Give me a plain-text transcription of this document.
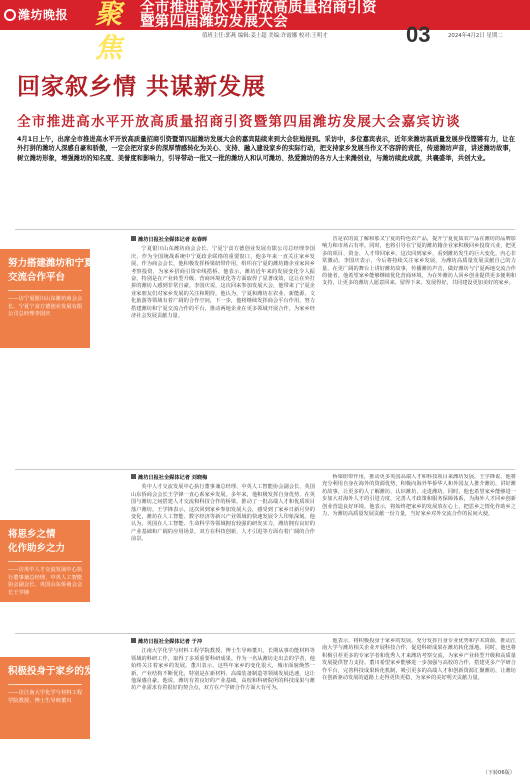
潍坊晚报 聚焦
全市推进高水平开放高质量招商引资
暨第四届潍坊发展大会
值班主任:郭燕 编辑:姜士超 美编:许霞娜 校对:王明才	03	2024年4月2日 星期二
回家叙乡情 共谋新发展
全市推进高水平开放高质量招商引资暨第四届潍坊发展大会嘉宾访谈
4月1日上午，出席全市推进高水平开放高质量招商引资暨第四届潍坊发展大会的嘉宾陆续来到大会驻地报到。采访中，多位嘉宾表示，近年来潍坊高质量发展步伐铿锵有力，让在外打拼的潍坊人深感自豪和骄傲，一定会把对家乡的深厚情感转化为关心、支持、融入建设家乡的实际行动，把支持家乡发展当作义不容辞的责任，传递潍坊声音，讲述潍坊故事，树立潍坊形象，增强潍坊的知名度、美誉度和影响力，引导带动一批又一批的潍坊人和认可潍坊、热爱潍坊的各方人士来潍创业，与潍坊续此成就，共襄盛举，共创大业。
努力搭建潍坊和宁夏
交流合作平台
——访宁夏银川山东潍坊商会会长、宁夏宁食方德创业发展有限公司总经理李国庆

潍坊日报社全媒体记者 赵春晖

宁夏银川山东潍坊商会会长、宁夏宁食方德创业发展有限公司总经理李国庆，作为全国统战系统中宁夏政企联络的重要窗口，他多年来一直关注家乡发展，作为商会会长，他积极发挥桥梁纽带作用，组织在宁夏的潍坊籍企业家回乡考察投资，为家乡招商引资牵线搭桥。他表示，潍坊近年来的发展变化令人振奋，特别是在产业转型升级、营商环境优化等方面取得了显著成效，这让在外打拼的潍坊人感到非常自豪。李国庆说，这次回来参加发展大会，他带来了宁夏企业家朋友们对家乡发展的关注和期待。他认为，宁夏和潍坊在农业、新能源、文化旅游等领域有着广阔的合作空间，下一步，他将继续发挥商会平台作用，努力搭建潍坊和宁夏交流合作的平台，推动两地企业在更多领域开展合作，为家乡经济社会发展贡献力量。

晋是农的流了解和那又宁夏的特色农产品，提升宁夏优质农产品在潍坊的品牌影响力和市场占有率。同时，也将引导在宁夏的潍坊籍企业家积极回乡投资兴业，把更多的项目、资金、人才带回家乡。这次回到家乡，看到潍坊发生的巨大变化，内心非常激动。李国庆表示，今后将持续关注家乡发展，为潍坊高质量发展贡献自己的力量，在更广阔的舞台上讲好潍坊故事，传播潍坊声音，做好潍坊与宁夏两地交流合作的使者。他希望家乡能够继续优化营商环境，为在外潍坊人回乡创业提供更多便利和支持，让更多的潍坊人愿意回来、留得下来、发展得好，共同建设更加美好的家乡。

将思乡之情
化作助乡之力
——访英中人才交流发展中心执行董事兼总经理、中英人工智能协会副会长、英国山东侨商会会长王学锋

潍坊日报社全媒体记者 刘晓梅

英中人才交流发展中心执行董事兼总经理、中英人工智能协会副会长、英国山东侨商会会长王学锋一直心系家乡发展。多年来，他积极发挥自身优势，在英国与潍坊之间搭建人才交流和科技合作的桥梁，推动了一批高端人才和优质项目落户潍坊。王学锋表示，这次回到家乡参加发展大会，感受到了家乡日新月异的变化，潍坊在人工智能、数字经济等新兴产业领域的快速发展令人印象深刻。他认为，英国在人工智能、生命科学等领域拥有较强的研发实力，潍坊拥有良好的产业基础和广阔的应用场景，双方在科技创新、人才引进等方面有着广阔的合作前景。

桥梁纽带作用，推动更多英国高端人才和科技项目来潍坊发展。王学锋说，他将充分利用自身在海外的资源优势，积极向海外华侨华人和外国友人推介潍坊，讲好潍坊故事，让更多的人了解潍坊、认识潍坊、走进潍坊。同时，他也希望家乡能够进一步加大对海外人才的引进力度，完善人才政策和服务保障体系，为海外人才回乡创新创业营造良好环境。他表示，将始终把家乡的发展放在心上，把思乡之情化作助乡之力，为潍坊高质量发展贡献一份力量，当好家乡对外交流合作的民间大使。

积极投身于家乡的发展
——访江南大学化学与材料工程学院教授、博士生导师董川

潍坊日报社全媒体记者 于冲

江南大学化学与材料工程学院教授、博士生导师董川，长期从事功能材料等领域的科研工作，取得了多项重要科研成果。作为一名从潍坊走出去的学者，他始终关注着家乡的发展。董川表示，这些年家乡的变化很大，城市面貌焕然一新，产业结构不断优化，特别是在新材料、高端装备制造等领域发展迅速，这让他深感自豪。他说，潍坊有着良好的产业基础，高校和科研院所的科技成果与潍坊产业需求有着很好的契合点，双方在产学研合作方面大有可为。

他表示，将积极投身于家乡的发展，充分发挥自身专业优势和学术资源，推动江南大学与潍坊相关企业开展科技合作，促进科研成果在潍坊转化落地。同时，他也将积极引荐更多的专家学者和优秀人才来潍坊考察交流，为家乡产业转型升级和高质量发展提供智力支持。董川希望家乡能够进一步加强与高校的合作，搭建更多产学研合作平台，完善科技成果转化机制，吸引更多的高端人才和创新资源汇聚潍坊，让潍坊在创新驱动发展的道路上走得更快更稳，为家乡的美好明天贡献力量。

（下转06版）
